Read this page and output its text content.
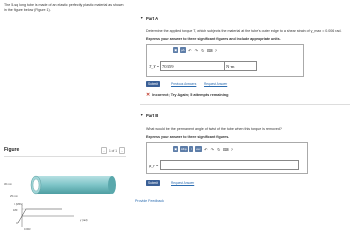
The 5-sq long tube is made of an elastic perfectly plastic material as shown in the figure below (Figure 1).
Figure	‹	1 of 1	›
30 mm
25 mm
τ (MPa)
180
0.003
γ (rad)
▼ Part A
Determine the applied torque T, which subjects the material at the tube's outer edge to a shear strain of γ_max = 0.006 rad.
Express your answer to three significant figures and include appropriate units.
▣	μA ↶ ↷ ↻ ⌨ ?
T_Y = 70359	N·m
Submit	Previous Answers Request Answer
✕ Incorrect; Try Again; 5 attempts remaining
▼ Part B
What would be the permanent angle of twist of the tube when this torque is removed?
Express your answer to three significant figures.
▣	ΑΣφ	↕	vec ↶ ↷ ↻ ⌨ ?
φ_r =
Submit	Request Answer
Provide Feedback
